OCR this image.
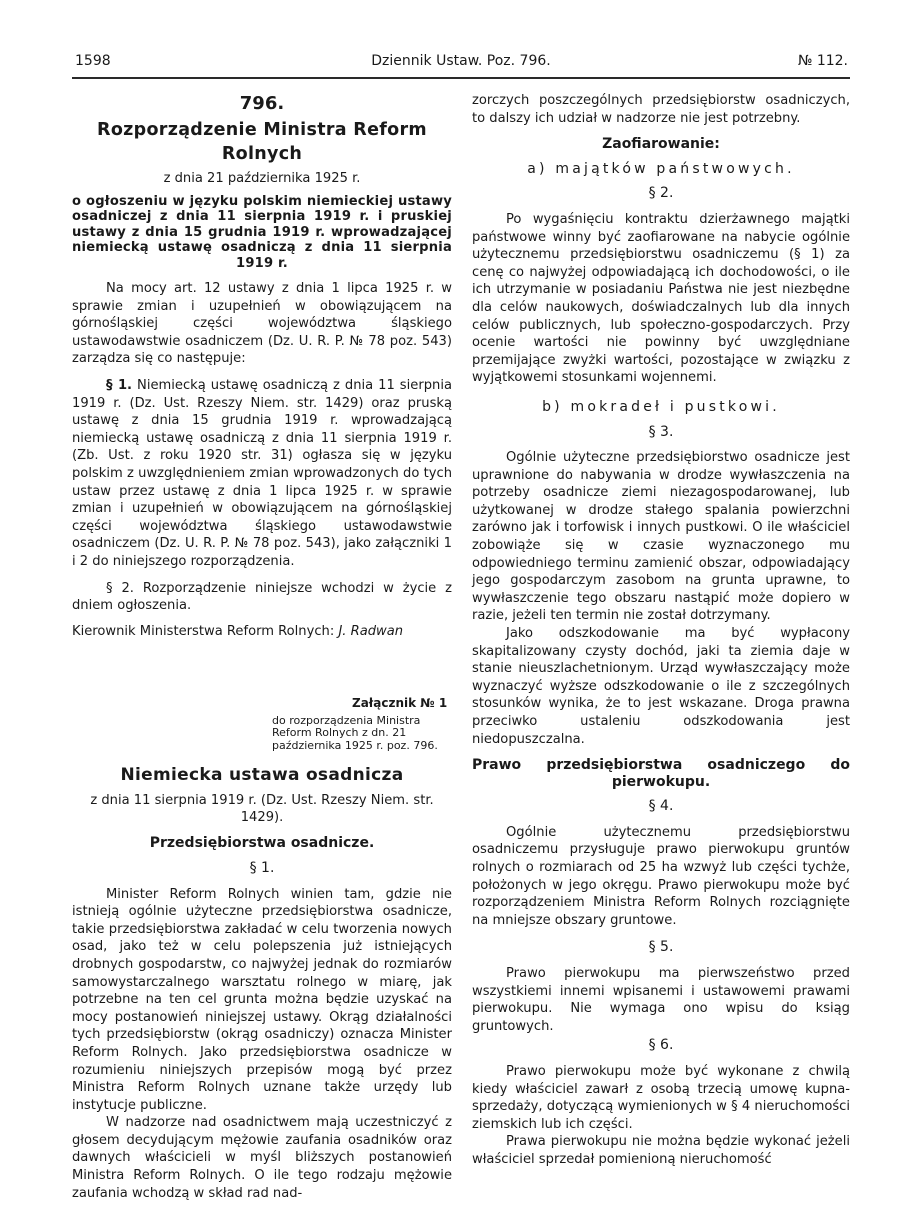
1598	Dziennik Ustaw. Poz. 796.	№ 112.

796.

Rozporządzenie Ministra Reform Rolnych

z dnia 21 października 1925 r.

o ogłoszeniu w języku polskim niemieckiej ustawy osadniczej z dnia 11 sierpnia 1919 r. i pruskiej ustawy z dnia 15 grudnia 1919 r. wprowadzającej niemiecką ustawę osadniczą z dnia 11 sierpnia 1919 r.

Na mocy art. 12 ustawy z dnia 1 lipca 1925 r. w sprawie zmian i uzupełnień w obowiązującem na górnośląskiej części województwa śląskiego ustawodawstwie osadniczem (Dz. U. R. P. № 78 poz. 543) zarządza się co następuje:

§ 1. Niemiecką ustawę osadniczą z dnia 11 sierpnia 1919 r. (Dz. Ust. Rzeszy Niem. str. 1429) oraz pruską ustawę z dnia 15 grudnia 1919 r. wprowadzającą niemiecką ustawę osadniczą z dnia 11 sierpnia 1919 r. (Zb. Ust. z roku 1920 str. 31) ogłasza się w języku polskim z uwzględnieniem zmian wprowadzonych do tych ustaw przez ustawę z dnia 1 lipca 1925 r. w sprawie zmian i uzupełnień w obowiązującem na górnośląskiej części województwa śląskiego ustawodawstwie osadniczem (Dz. U. R. P. № 78 poz. 543), jako załączniki 1 i 2 do niniejszego rozporządzenia.

§ 2. Rozporządzenie niniejsze wchodzi w życie z dniem ogłoszenia.

Kierownik Ministerstwa Reform Rolnych: J. Radwan

Załącznik № 1
do rozporządzenia Ministra Reform Rolnych z dn. 21 października 1925 r. poz. 796.

Niemiecka ustawa osadnicza

z dnia 11 sierpnia 1919 r. (Dz. Ust. Rzeszy Niem. str. 1429).

Przedsiębiorstwa osadnicze.

§ 1.

Minister Reform Rolnych winien tam, gdzie nie istnieją ogólnie użyteczne przedsiębiorstwa osadnicze, takie przedsiębiorstwa zakładać w celu tworzenia nowych osad, jako też w celu polepszenia już istniejących drobnych gospodarstw, co najwyżej jednak do rozmiarów samowystarczalnego warsztatu rolnego w miarę, jak potrzebne na ten cel grunta można będzie uzyskać na mocy postanowień niniejszej ustawy. Okrąg działalności tych przedsiębiorstw (okrąg osadniczy) oznacza Minister Reform Rolnych. Jako przedsiębiorstwa osadnicze w rozumieniu niniejszych przepisów mogą być przez Ministra Reform Rolnych uznane także urzędy lub instytucje publiczne.

W nadzorze nad osadnictwem mają uczestniczyć z głosem decydującym mężowie zaufania osadników oraz dawnych właścicieli w myśl bliższych postanowień Ministra Reform Rolnych. O ile tego rodzaju mężowie zaufania wchodzą w skład rad nad-

zorczych poszczególnych przedsiębiorstw osadniczych, to dalszy ich udział w nadzorze nie jest potrzebny.

Zaofiarowanie:

a) majątków państwowych.

§ 2.

Po wygaśnięciu kontraktu dzierżawnego majątki państwowe winny być zaofiarowane na nabycie ogólnie użytecznemu przedsiębiorstwu osadniczemu (§ 1) za cenę co najwyżej odpowiadającą ich dochodowości, o ile ich utrzymanie w posiadaniu Państwa nie jest niezbędne dla celów naukowych, doświadczalnych lub dla innych celów publicznych, lub społeczno-gospodarczych. Przy ocenie wartości nie powinny być uwzględniane przemijające zwyżki wartości, pozostające w związku z wyjątkowemi stosunkami wojennemi.

b) mokradeł i pustkowi.

§ 3.

Ogólnie użyteczne przedsiębiorstwo osadnicze jest uprawnione do nabywania w drodze wywłaszczenia na potrzeby osadnicze ziemi niezagospodarowanej, lub użytkowanej w drodze stałego spalania powierzchni zarówno jak i torfowisk i innych pustkowi. O ile właściciel zobowiąże się w czasie wyznaczonego mu odpowiedniego terminu zamienić obszar, odpowiadający jego gospodarczym zasobom na grunta uprawne, to wywłaszczenie tego obszaru nastąpić może dopiero w razie, jeżeli ten termin nie został dotrzymany.

Jako odszkodowanie ma być wypłacony skapitalizowany czysty dochód, jaki ta ziemia daje w stanie nieuszlachetnionym. Urząd wywłaszczający może wyznaczyć wyższe odszkodowanie o ile z szczególnych stosunków wynika, że to jest wskazane. Droga prawna przeciwko ustaleniu odszkodowania jest niedopuszczalna.

Prawo przedsiębiorstwa osadniczego do pierwokupu.

§ 4.

Ogólnie użytecznemu przedsiębiorstwu osadniczemu przysługuje prawo pierwokupu gruntów rolnych o rozmiarach od 25 ha wzwyż lub części tychże, położonych w jego okręgu. Prawo pierwokupu może być rozporządzeniem Ministra Reform Rolnych rozciągnięte na mniejsze obszary gruntowe.

§ 5.

Prawo pierwokupu ma pierwszeństwo przed wszystkiemi innemi wpisanemi i ustawowemi prawami pierwokupu. Nie wymaga ono wpisu do ksiąg gruntowych.

§ 6.

Prawo pierwokupu może być wykonane z chwilą kiedy właściciel zawarł z osobą trzecią umowę kupna-sprzedaży, dotyczącą wymienionych w § 4 nieruchomości ziemskich lub ich części.

Prawa pierwokupu nie można będzie wykonać jeżeli właściciel sprzedał pomienioną nieruchomość
